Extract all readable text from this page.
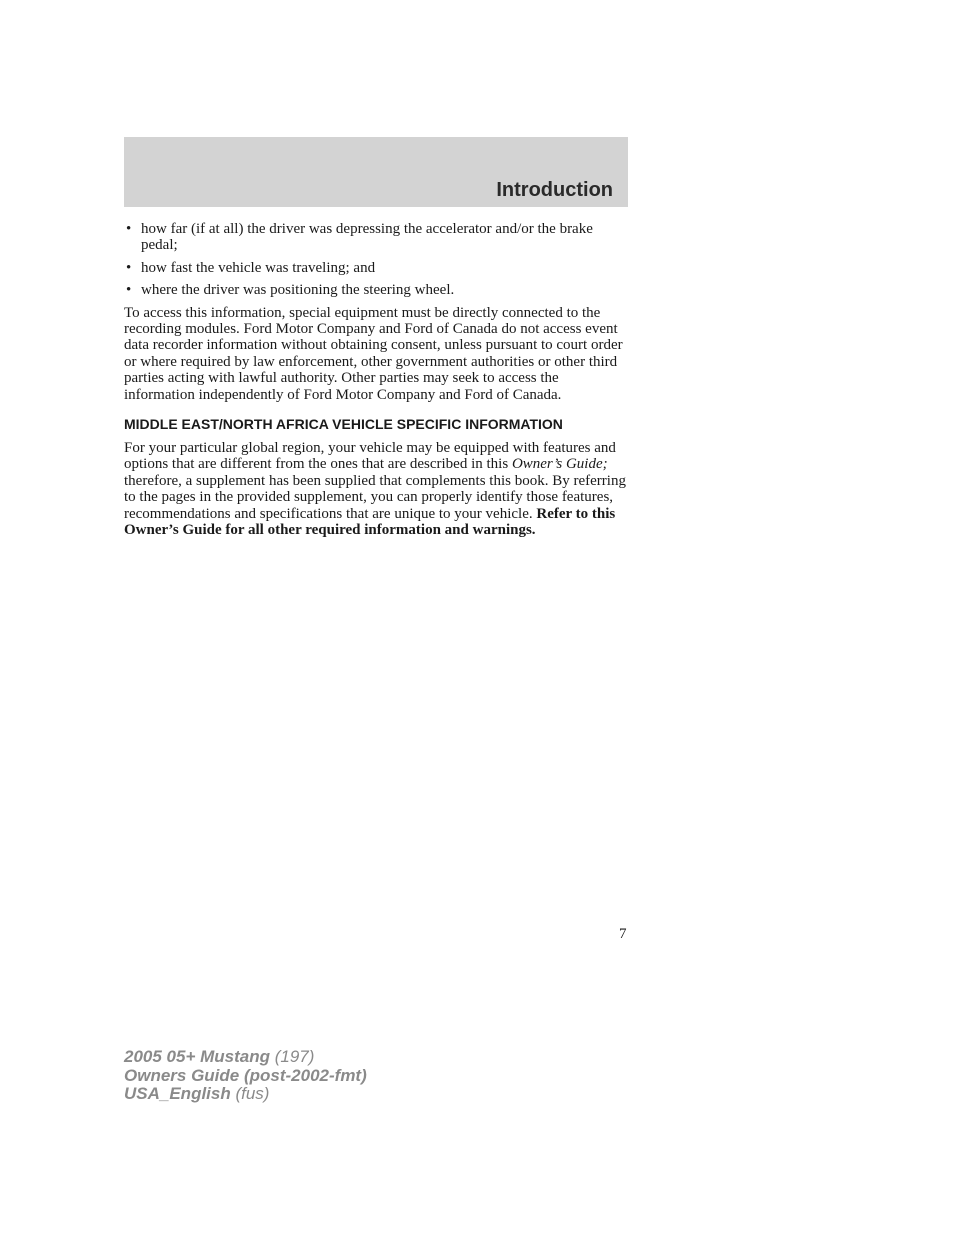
Introduction
• how far (if at all) the driver was depressing the accelerator and/or the brake pedal;
• how fast the vehicle was traveling; and
• where the driver was positioning the steering wheel.

To access this information, special equipment must be directly connected to the recording modules. Ford Motor Company and Ford of Canada do not access event data recorder information without obtaining consent, unless pursuant to court order or where required by law enforcement, other government authorities or other third parties acting with lawful authority. Other parties may seek to access the information independently of Ford Motor Company and Ford of Canada.

MIDDLE EAST/NORTH AFRICA VEHICLE SPECIFIC INFORMATION

For your particular global region, your vehicle may be equipped with features and options that are different from the ones that are described in this Owner’s Guide; therefore, a supplement has been supplied that complements this book. By referring to the pages in the provided supplement, you can properly identify those features, recommendations and specifications that are unique to your vehicle. Refer to this Owner’s Guide for all other required information and warnings.

7
2005 05+ Mustang (197)
Owners Guide (post-2002-fmt)
USA_English (fus)
